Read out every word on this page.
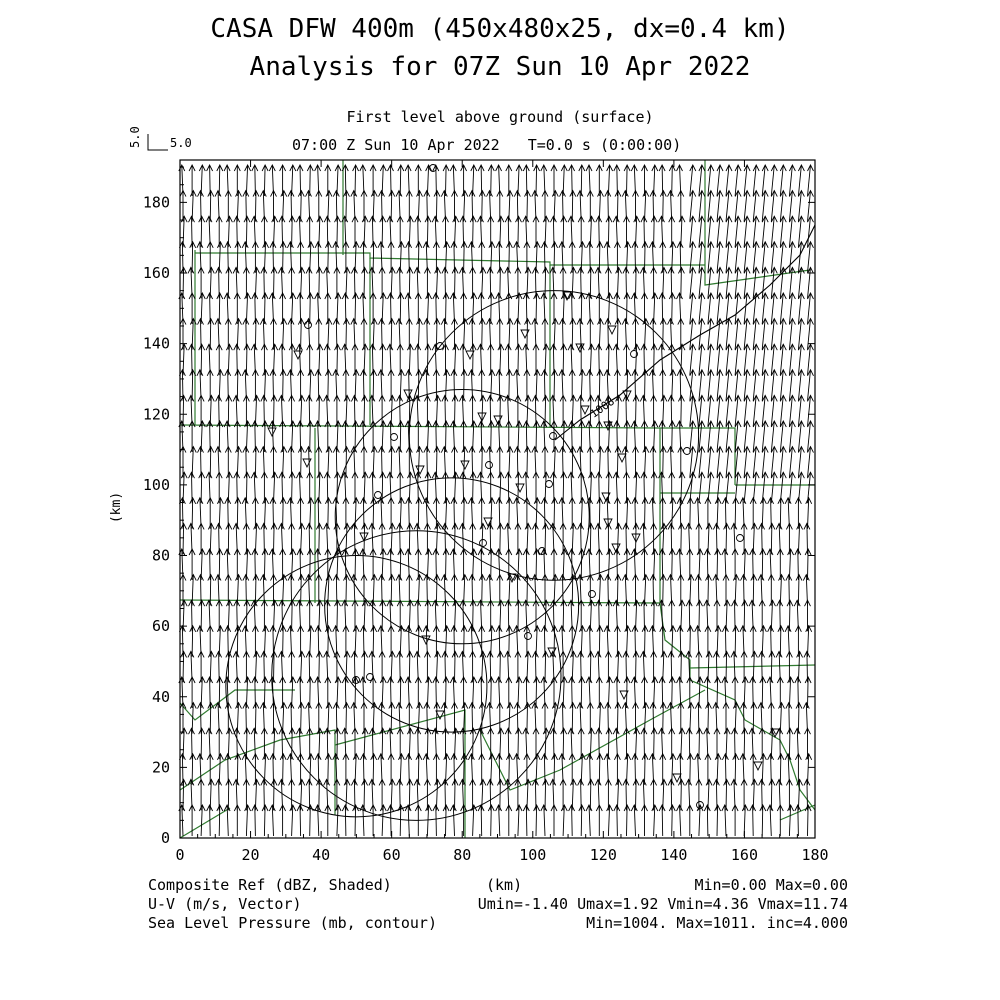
CASA DFW 400m (450x480x25, dx=0.4 km)
Analysis for 07Z Sun 10 Apr 2022
First level above ground (surface)
07:00 Z Sun 10 Apr 2022 T=0.0 s (0:00:00)
5.0 5.0
(km)
1008
0	20	40	60	80	100	120	140	160	180
0
20
40
60
80
100
120
140
160
180
Composite Ref (dBZ, Shaded)
U-V (m/s, Vector)
Sea Level Pressure (mb, contour)
(km)	Min=0.00 Max=0.00
Umin=-1.40 Umax=1.92 Vmin=4.36 Vmax=11.74
Min=1004. Max=1011. inc=4.000
